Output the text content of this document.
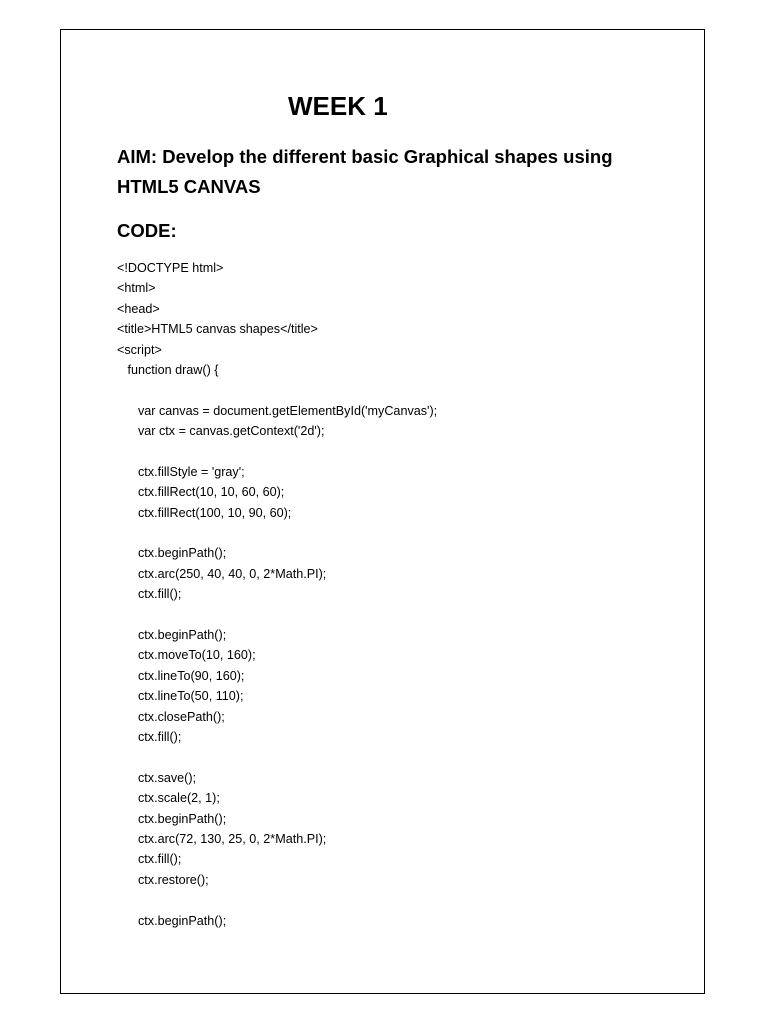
WEEK 1
AIM: Develop the different basic Graphical shapes using HTML5 CANVAS
CODE:
<!DOCTYPE html>
<html>
<head>
<title>HTML5 canvas shapes</title>
<script>
function draw() {
var canvas = document.getElementById('myCanvas');
var ctx = canvas.getContext('2d');
ctx.fillStyle = 'gray';
ctx.fillRect(10, 10, 60, 60);
ctx.fillRect(100, 10, 90, 60);
ctx.beginPath();
ctx.arc(250, 40, 40, 0, 2*Math.PI);
ctx.fill();
ctx.beginPath();
ctx.moveTo(10, 160);
ctx.lineTo(90, 160);
ctx.lineTo(50, 110);
ctx.closePath();
ctx.fill();
ctx.save();
ctx.scale(2, 1);
ctx.beginPath();
ctx.arc(72, 130, 25, 0, 2*Math.PI);
ctx.fill();
ctx.restore();
ctx.beginPath();
